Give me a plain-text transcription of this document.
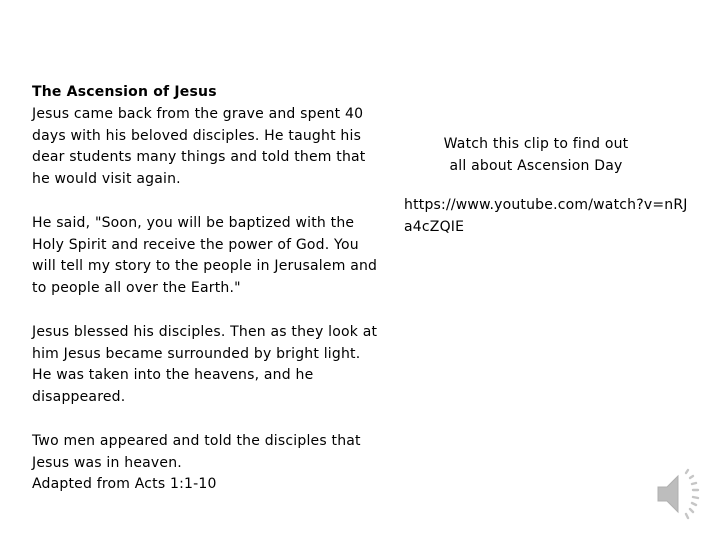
The Ascension of Jesus

Jesus came back from the grave and spent 40 days with his beloved disciples. He taught his dear students many things and told them that he would visit again.

He said, "Soon, you will be baptized with the Holy Spirit and receive the power of God. You will tell my story to the people in Jerusalem and to people all over the Earth."

Jesus blessed his disciples. Then as they look at him Jesus became surrounded by bright light. He was taken into the heavens, and he disappeared.

Two men appeared and told the disciples that Jesus was in heaven.

Adapted from Acts 1:1-10

Watch this clip to find out
all about Ascension Day
https://www.youtube.com/watch?v=nRJa4cZQIE
